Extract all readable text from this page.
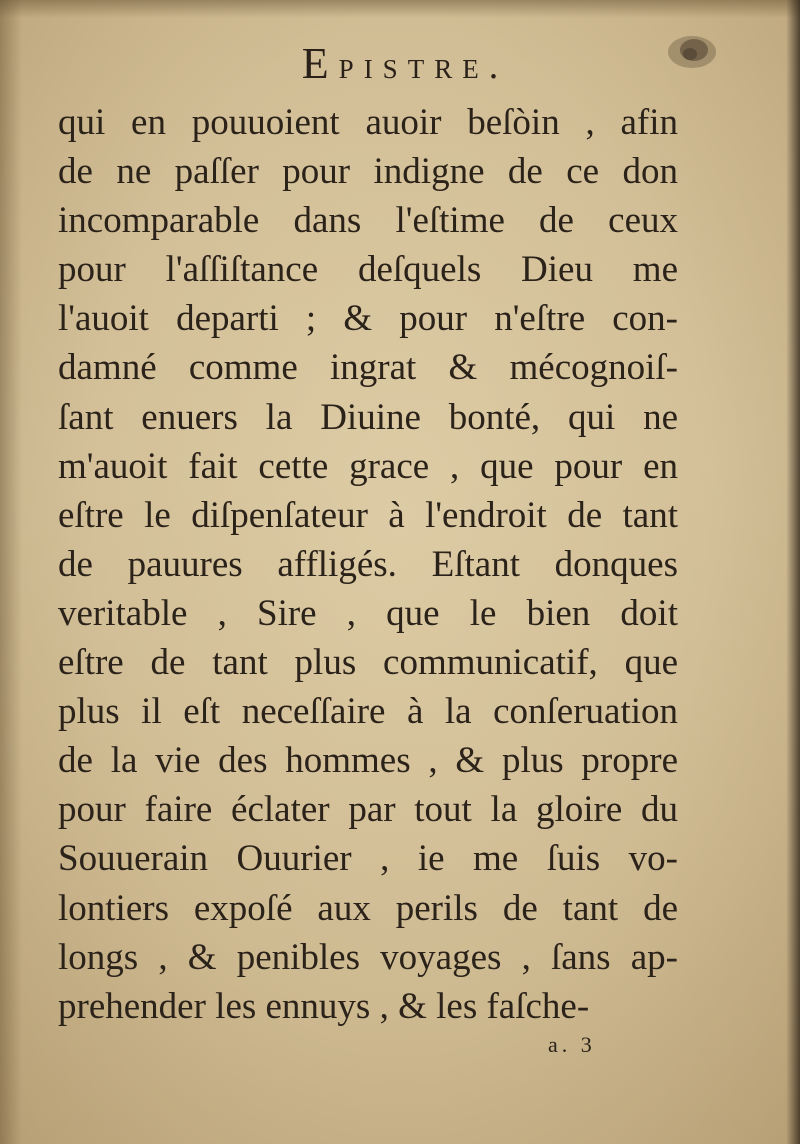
Epistre.
qui en pouuoient auoir beſòin , afin
de ne paſſer pour indigne de ce don
incomparable dans l'eſtime de ceux
pour l'aſſiſtance deſquels Dieu me
l'auoit departi ; & pour n'eſtre con-
damné comme ingrat & mécognoiſ-
ſant enuers la Diuine bonté, qui ne
m'auoit fait cette grace , que pour en
eſtre le diſpenſateur à l'endroit de tant
de pauures affligés. Eſtant donques
veritable , Sire , que le bien doit
eſtre de tant plus communicatif, que
plus il eſt neceſſaire à la conſeruation
de la vie des hommes , & plus propre
pour faire éclater par tout la gloire du
Souuerain Ouurier , ie me ſuis vo-
lontiers expoſé aux perils de tant de
longs , & penibles voyages , ſans ap-
prehender les ennuys , & les faſche-
a. 3
